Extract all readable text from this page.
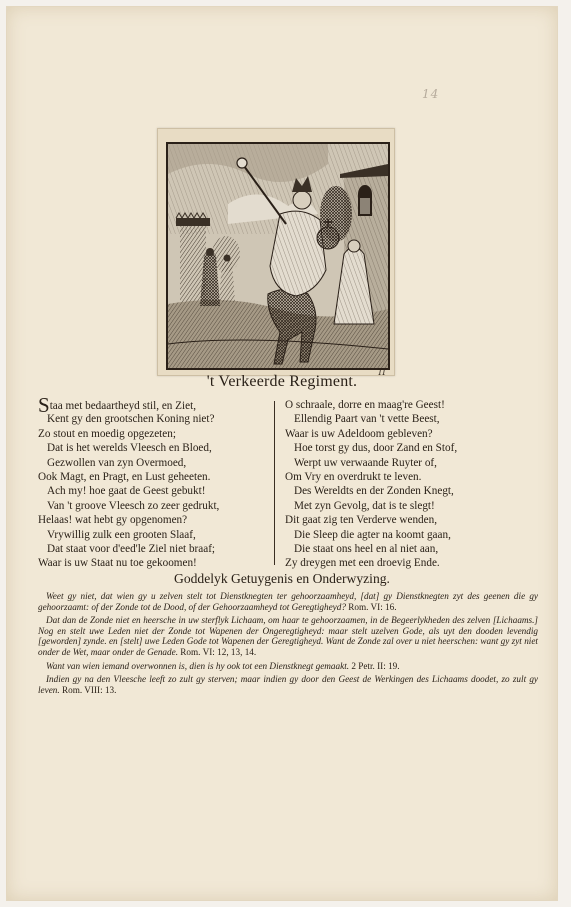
14
11
't Verkeerde Regiment.
Staa met bedaartheyd stil, en Ziet,
Kent gy den grootschen Koning niet?
Zo stout en moedig opgezeten;
Dat is het werelds Vleesch en Bloed,
Gezwollen van zyn Overmoed,
Ook Magt, en Pragt, en Lust geheeten.
Ach my! hoe gaat de Geest gebukt!
Van 't groove Vleesch zo zeer gedrukt,
Helaas! wat hebt gy opgenomen?
Vrywillig zulk een grooten Slaaf,
Dat staat voor d'eed'le Ziel niet braaf;
Waar is uw Staat nu toe gekoomen!
O schraale, dorre en maag're Geest!
Ellendig Paart van 't vette Beest,
Waar is uw Adeldoom gebleven?
Hoe torst gy dus, door Zand en Stof,
Werpt uw verwaande Ruyter of,
Om Vry en overdrukt te leven.
Des Wereldts en der Zonden Knegt,
Met zyn Gevolg, dat is te slegt!
Dit gaat zig ten Verderve wenden,
Die Sleep die agter na koomt gaan,
Die staat ons heel en al niet aan,
Zy dreygen met een droevig Ende.
Goddelyk Getuygenis en Onderwyzing.

Weet gy niet, dat wien gy u zelven stelt tot Dienstknegten ter gehoorzaamheyd, [dat] gy Dienstknegten zyt des geenen die gy gehoorzaamt: of der Zonde tot de Dood, of der Gehoorzaamheyd tot Geregtigheyd? Rom. VI: 16.

Dat dan de Zonde niet en heersche in uw sterflyk Lichaam, om haar te gehoorzaamen, in de Begeerlykheden des zelven [Lichaams.] Nog en stelt uwe Leden niet der Zonde tot Wapenen der Ongeregtigheyd: maar stelt uzelven Gode, als uyt den dooden levendig [geworden] zynde. en [stelt] uwe Leden Gode tot Wapenen der Geregtigheyd. Want de Zonde zal over u niet heerschen: want gy zyt niet onder de Wet, maar onder de Genade. Rom. VI: 12, 13, 14.

Want van wien iemand overwonnen is, dien is hy ook tot een Dienstknegt gemaakt. 2 Petr. II: 19.

Indien gy na den Vleesche leeft zo zult gy sterven; maar indien gy door den Geest de Werkingen des Lichaams doodet, zo zult gy leven. Rom. VIII: 13.
